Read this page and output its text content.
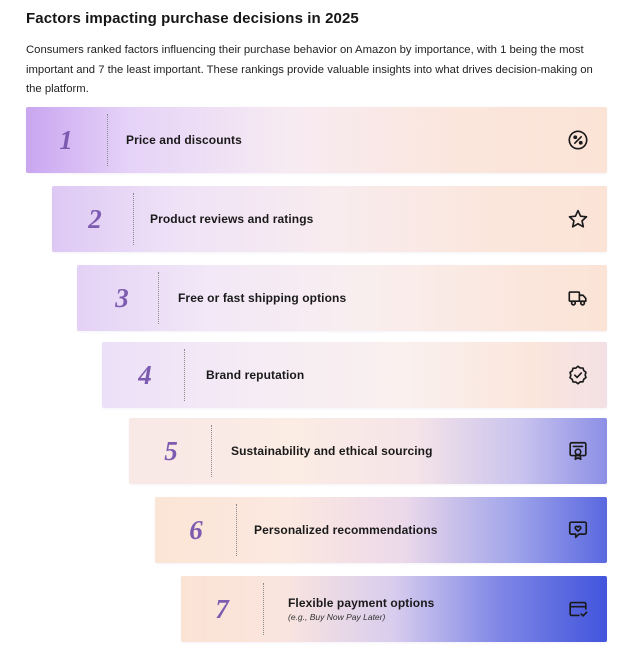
Factors impacting purchase decisions in 2025
Consumers ranked factors influencing their purchase behavior on Amazon by importance, with 1 being the most important and 7 the least important. These rankings provide valuable insights into what drives decision-making on the platform.
1	Price and discounts
2	Product reviews and ratings
3	Free or fast shipping options
4	Brand reputation
5	Sustainability and ethical sourcing
6	Personalized recommendations
7	Flexible payment options
(e.g., Buy Now Pay Later)
